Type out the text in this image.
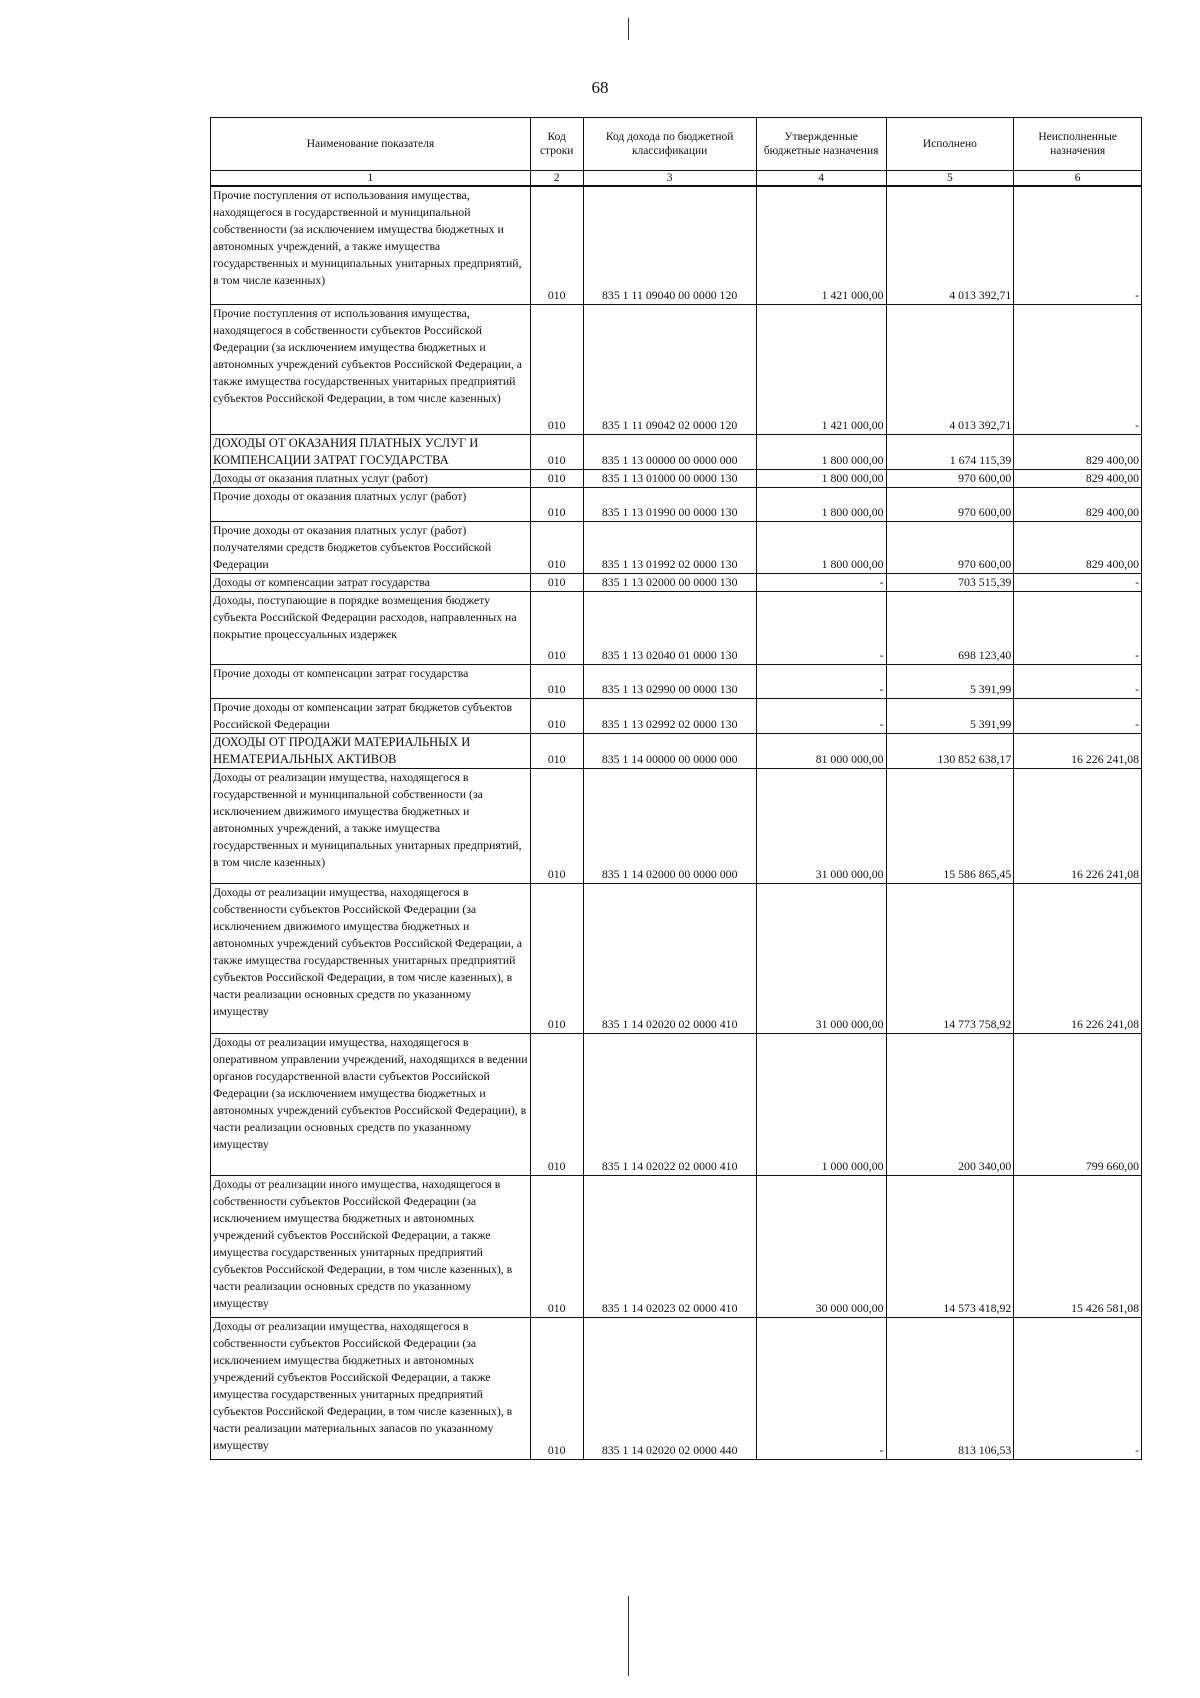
68
Наименование показателя	Код строки	Код дохода по бюджетной классификации	Утвержденные бюджетные назначения	Исполнено	Неисполненные назначения
1	2	3	4	5	6
Прочие поступления от использования имущества, находящегося в государственной и муниципальной собственности (за исключением имущества бюджетных и автономных учреждений, а также имущества государственных и муниципальных унитарных предприятий, в том числе казенных)	010	835 1 11 09040 00 0000 120	1 421 000,00	4 013 392,71	-
Прочие поступления от использования имущества, находящегося в собственности субъектов Российской Федерации (за исключением имущества бюджетных и автономных учреждений субъектов Российской Федерации, а также имущества государственных унитарных предприятий субъектов Российской Федерации, в том числе казенных)	010	835 1 11 09042 02 0000 120	1 421 000,00	4 013 392,71	-
ДОХОДЫ ОТ ОКАЗАНИЯ ПЛАТНЫХ УСЛУГ И КОМПЕНСАЦИИ ЗАТРАТ ГОСУДАРСТВА	010	835 1 13 00000 00 0000 000	1 800 000,00	1 674 115,39	829 400,00
Доходы от оказания платных услуг (работ)	010	835 1 13 01000 00 0000 130	1 800 000,00	970 600,00	829 400,00
Прочие доходы от оказания платных услуг (работ)	010	835 1 13 01990 00 0000 130	1 800 000,00	970 600,00	829 400,00
Прочие доходы от оказания платных услуг (работ) получателями средств бюджетов субъектов Российской Федерации	010	835 1 13 01992 02 0000 130	1 800 000,00	970 600,00	829 400,00
Доходы от компенсации затрат государства	010	835 1 13 02000 00 0000 130	-	703 515,39	-
Доходы, поступающие в порядке возмещения бюджету субъекта Российской Федерации расходов, направленных на покрытие процессуальных издержек	010	835 1 13 02040 01 0000 130	-	698 123,40	-
Прочие доходы от компенсации затрат государства	010	835 1 13 02990 00 0000 130	-	5 391,99	-
Прочие доходы от компенсации затрат бюджетов субъектов Российской Федерации	010	835 1 13 02992 02 0000 130	-	5 391,99	-
ДОХОДЫ ОТ ПРОДАЖИ МАТЕРИАЛЬНЫХ И НЕМАТЕРИАЛЬНЫХ АКТИВОВ	010	835 1 14 00000 00 0000 000	81 000 000,00	130 852 638,17	16 226 241,08
Доходы от реализации имущества, находящегося в государственной и муниципальной собственности (за исключением движимого имущества бюджетных и автономных учреждений, а также имущества государственных и муниципальных унитарных предприятий, в том числе казенных)	010	835 1 14 02000 00 0000 000	31 000 000,00	15 586 865,45	16 226 241,08
Доходы от реализации имущества, находящегося в собственности субъектов Российской Федерации (за исключением движимого имущества бюджетных и автономных учреждений субъектов Российской Федерации, а также имущества государственных унитарных предприятий субъектов Российской Федерации, в том числе казенных), в части реализации основных средств по указанному имуществу	010	835 1 14 02020 02 0000 410	31 000 000,00	14 773 758,92	16 226 241,08
Доходы от реализации имущества, находящегося в оперативном управлении учреждений, находящихся в ведении органов государственной власти субъектов Российской Федерации (за исключением имущества бюджетных и автономных учреждений субъектов Российской Федерации), в части реализации основных средств по указанному имуществу	010	835 1 14 02022 02 0000 410	1 000 000,00	200 340,00	799 660,00
Доходы от реализации иного имущества, находящегося в собственности субъектов Российской Федерации (за исключением имущества бюджетных и автономных учреждений субъектов Российской Федерации, а также имущества государственных унитарных предприятий субъектов Российской Федерации, в том числе казенных), в части реализации основных средств по указанному имуществу	010	835 1 14 02023 02 0000 410	30 000 000,00	14 573 418,92	15 426 581,08
Доходы от реализации имущества, находящегося в собственности субъектов Российской Федерации (за исключением имущества бюджетных и автономных учреждений субъектов Российской Федерации, а также имущества государственных унитарных предприятий субъектов Российской Федерации, в том числе казенных), в части реализации материальных запасов по указанному имуществу	010	835 1 14 02020 02 0000 440	-	813 106,53	-
